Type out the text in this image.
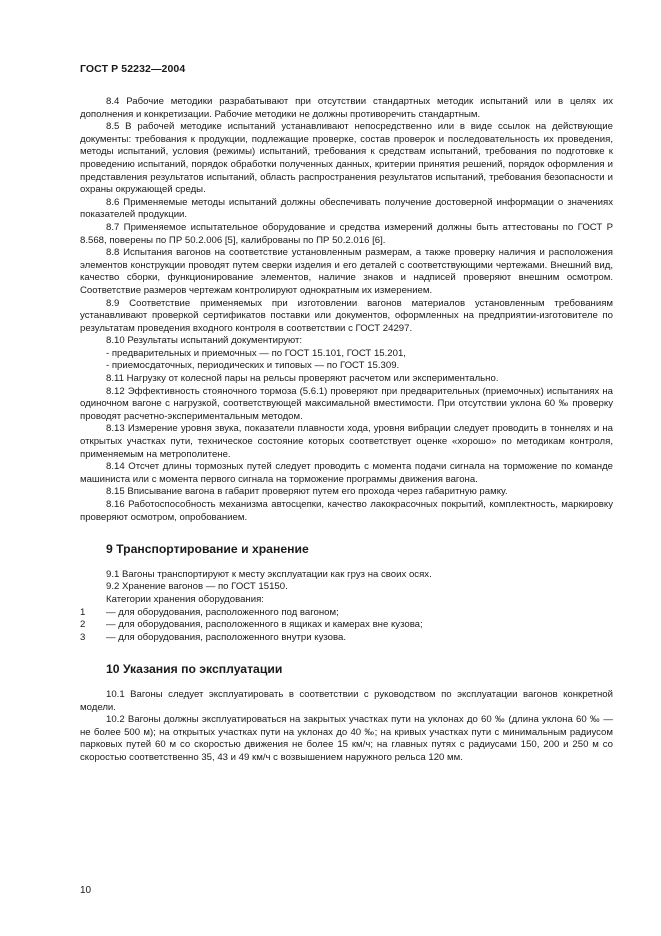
ГОСТ Р 52232—2004

8.4 Рабочие методики разрабатывают при отсутствии стандартных методик испытаний или в целях их дополнения и конкретизации. Рабочие методики не должны противоречить стандартным.

8.5 В рабочей методике испытаний устанавливают непосредственно или в виде ссылок на действующие документы: требования к продукции, подлежащие проверке, состав проверок и последовательность их проведения, методы испытаний, условия (режимы) испытаний, требования к средствам испытаний, требования по подготовке к проведению испытаний, порядок обработки полученных данных, критерии принятия решений, порядок оформления и представления результатов испытаний, область распространения результатов испытаний, требования безопасности и охраны окружающей среды.

8.6 Применяемые методы испытаний должны обеспечивать получение достоверной информации о значениях показателей продукции.

8.7 Применяемое испытательное оборудование и средства измерений должны быть аттестованы по ГОСТ Р 8.568, поверены по ПР 50.2.006 [5], калиброваны по ПР 50.2.016 [6].

8.8 Испытания вагонов на соответствие установленным размерам, а также проверку наличия и расположения элементов конструкции проводят путем сверки изделия и его деталей с соответствующими чертежами. Внешний вид, качество сборки, функционирование элементов, наличие знаков и надписей проверяют внешним осмотром. Соответствие размеров чертежам контролируют однократным их измерением.

8.9 Соответствие применяемых при изготовлении вагонов материалов установленным требованиям устанавливают проверкой сертификатов поставки или документов, оформленных на предприятии-изготовителе по результатам проведения входного контроля в соответствии с ГОСТ 24297.

8.10 Результаты испытаний документируют:

- предварительных и приемочных — по ГОСТ 15.101, ГОСТ 15.201,

- приемосдаточных, периодических и типовых — по ГОСТ 15.309.

8.11 Нагрузку от колесной пары на рельсы проверяют расчетом или экспериментально.

8.12 Эффективность стояночного тормоза (5.6.1) проверяют при предварительных (приемочных) испытаниях на одиночном вагоне с нагрузкой, соответствующей максимальной вместимости. При отсутствии уклона 60 ‰ проверку проводят расчетно-экспериментальным методом.

8.13 Измерение уровня звука, показатели плавности хода, уровня вибрации следует проводить в тоннелях и на открытых участках пути, техническое состояние которых соответствует оценке «хорошо» по методикам контроля, применяемым на метрополитене.

8.14 Отсчет длины тормозных путей следует проводить с момента подачи сигнала на торможение по команде машиниста или с момента первого сигнала на торможение программы движения вагона.

8.15 Вписывание вагона в габарит проверяют путем его прохода через габаритную рамку.

8.16 Работоспособность механизма автосцепки, качество лакокрасочных покрытий, комплектность, маркировку проверяют осмотром, опробованием.

9 Транспортирование и хранение

9.1 Вагоны транспортируют к месту эксплуатации как груз на своих осях.

9.2 Хранение вагонов — по ГОСТ 15150.

Категории хранения оборудования:

1 — для оборудования, расположенного под вагоном;

2 — для оборудования, расположенного в ящиках и камерах вне кузова;

3 — для оборудования, расположенного внутри кузова.

10 Указания по эксплуатации

10.1 Вагоны следует эксплуатировать в соответствии с руководством по эксплуатации вагонов конкретной модели.

10.2 Вагоны должны эксплуатироваться на закрытых участках пути на уклонах до 60 ‰ (длина уклона 60 ‰ — не более 500 м); на открытых участках пути на уклонах до 40 ‰; на кривых участках пути с минимальным радиусом парковых путей 60 м со скоростью движения не более 15 км/ч; на главных путях с радиусами 150, 200 и 250 м со скоростью соответственно 35, 43 и 49 км/ч с возвышением наружного рельса 120 мм.

10
